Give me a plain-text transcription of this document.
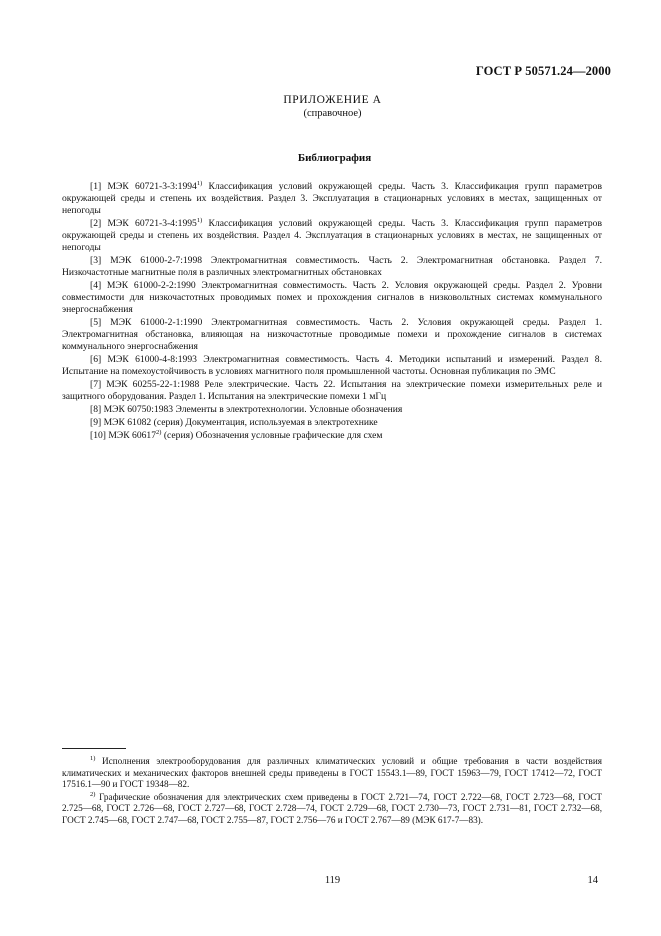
ГОСТ Р 50571.24—2000
ПРИЛОЖЕНИЕ А
(справочное)
Библиография

[1] МЭК 60721-3-3:1994$^{1)}$ Классификация условий окружающей среды. Часть 3. Классификация групп параметров окружающей среды и степень их воздействия. Раздел 3. Эксплуатация в стационарных условиях в местах, защищенных от непогоды

[2] МЭК 60721-3-4:1995$^{1)}$ Классификация условий окружающей среды. Часть 3. Классификация групп параметров окружающей среды и степень их воздействия. Раздел 4. Эксплуатация в стационарных условиях в местах, не защищенных от непогоды

[3] МЭК 61000-2-7:1998 Электромагнитная совместимость. Часть 2. Электромагнитная обстановка. Раздел 7. Низкочастотные магнитные поля в различных электромагнитных обстановках

[4] МЭК 61000-2-2:1990 Электромагнитная совместимость. Часть 2. Условия окружающей среды. Раздел 2. Уровни совместимости для низкочастотных проводимых помех и прохождения сигналов в низковольтных системах коммунального энергоснабжения

[5] МЭК 61000-2-1:1990 Электромагнитная совместимость. Часть 2. Условия окружающей среды. Раздел 1. Электромагнитная обстановка, влияющая на низкочастотные проводимые помехи и прохождение сигналов в системах коммунального энергоснабжения

[6] МЭК 61000-4-8:1993 Электромагнитная совместимость. Часть 4. Методики испытаний и измерений. Раздел 8. Испытание на помехоустойчивость в условиях магнитного поля промышленной частоты. Основная публикация по ЭМС

[7] МЭК 60255-22-1:1988 Реле электрические. Часть 22. Испытания на электрические помехи измерительных реле и защитного оборудования. Раздел 1. Испытания на электрические помехи 1 мГц

[8] МЭК 60750:1983 Элементы в электротехнологии. Условные обозначения

[9] МЭК 61082 (серия) Документация, используемая в электротехнике

[10] МЭК 60617$^{2)}$ (серия) Обозначения условные графические для схем

$^{1)}$ Исполнения электрооборудования для различных климатических условий и общие требования в части воздействия климатических и механических факторов внешней среды приведены в ГОСТ 15543.1—89, ГОСТ 15963—79, ГОСТ 17412—72, ГОСТ 17516.1—90 и ГОСТ 19348—82.

$^{2)}$ Графические обозначения для электрических схем приведены в ГОСТ 2.721—74, ГОСТ 2.722—68, ГОСТ 2.723—68, ГОСТ 2.725—68, ГОСТ 2.726—68, ГОСТ 2.727—68, ГОСТ 2.728—74, ГОСТ 2.729—68, ГОСТ 2.730—73, ГОСТ 2.731—81, ГОСТ 2.732—68, ГОСТ 2.745—68, ГОСТ 2.747—68, ГОСТ 2.755—87, ГОСТ 2.756—76 и ГОСТ 2.767—89 (МЭК 617-7—83).

119	14
